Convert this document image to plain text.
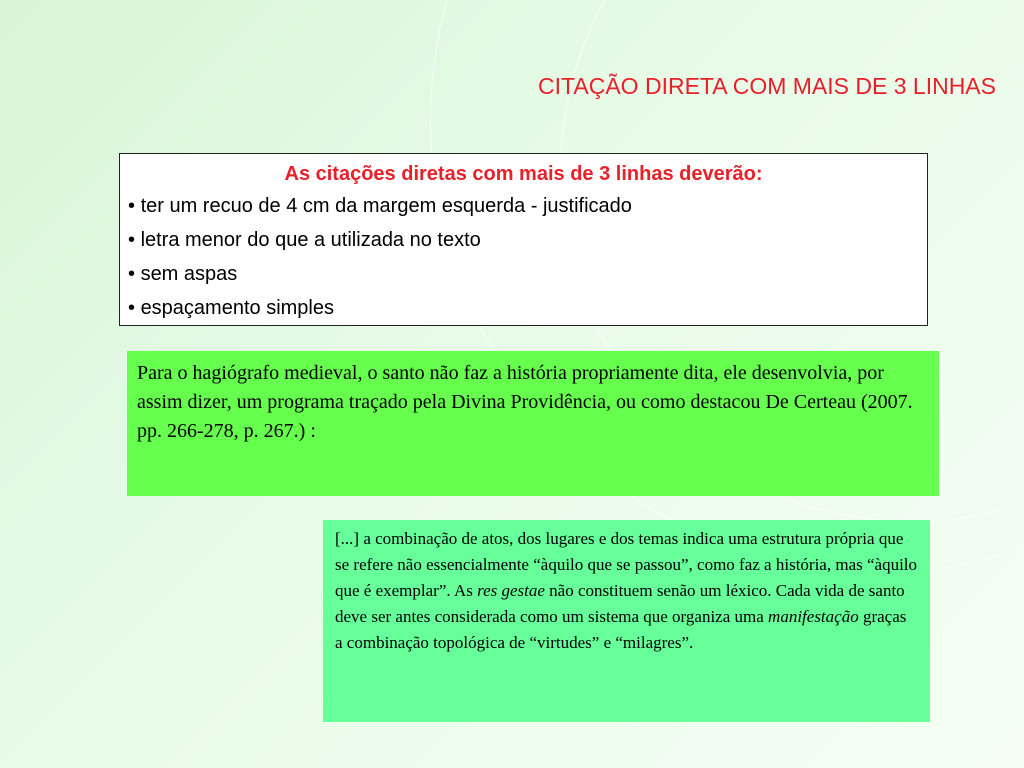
CITAÇÃO DIRETA COM MAIS DE 3 LINHAS
As citações diretas com mais de 3 linhas deverão:
• ter um recuo de 4 cm da margem esquerda - justificado
• letra menor do que a utilizada no texto
• sem aspas
• espaçamento simples
Para o hagiógrafo medieval, o santo não faz a história propriamente dita, ele desenvolvia, por assim dizer, um programa traçado pela Divina Providência, ou como destacou De Certeau (2007. pp. 266-278, p. 267.) :
[...] a combinação de atos, dos lugares e dos temas indica uma estrutura própria que se refere não essencialmente “àquilo que se passou”, como faz a história, mas “àquilo que é exemplar”. As res gestae não constituem senão um léxico. Cada vida de santo deve ser antes considerada como um sistema que organiza uma manifestação graças a combinação topológica de “virtudes” e “milagres”.
